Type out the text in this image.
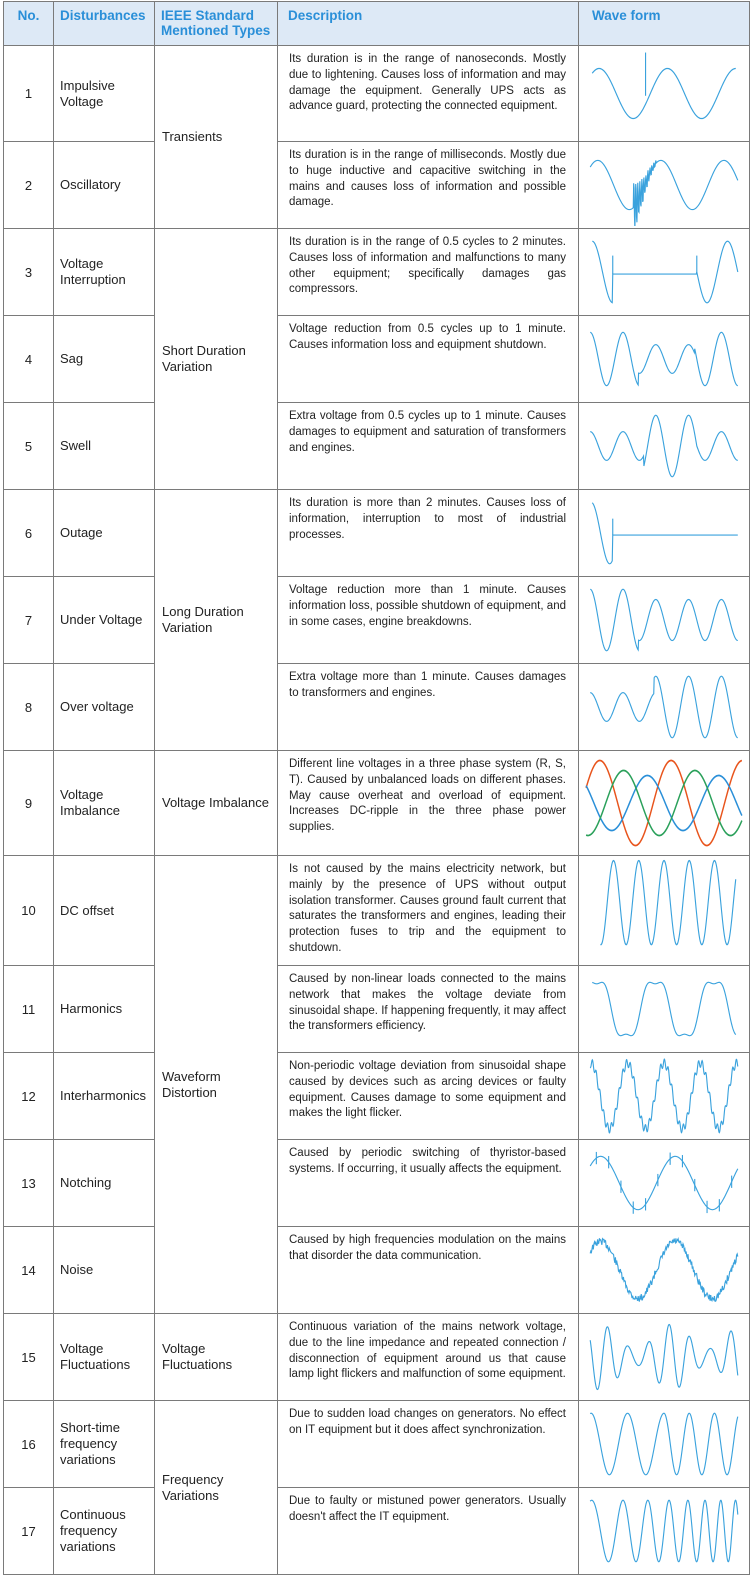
No.	Disturbances	IEEE Standard Mentioned Types	Description	Wave form
1	Impulsive Voltage	Transients	Its duration is in the range of nanoseconds. Mostly due to lightening. Causes loss of information and may damage the equipment. Generally UPS acts as advance guard, protecting the connected equipment.	

2	Oscillatory		Its duration is in the range of milliseconds. Mostly due to huge inductive and capacitive switching in the mains and causes loss of information and possible damage.	

3	Voltage Interruption	Short Duration Variation	Its duration is in the range of 0.5 cycles to 2 minutes. Causes loss of information and malfunctions to many other equipment; specifically damages gas compressors.	

4	Sag		Voltage reduction from 0.5 cycles up to 1 minute. Causes information loss and equipment shutdown.	

5	Swell		Extra voltage from 0.5 cycles up to 1 minute. Causes damages to equipment and saturation of transformers and engines.	

6	Outage	Long Duration Variation	Its duration is more than 2 minutes. Causes loss of information, interruption to most of industrial processes.	

7	Under Voltage		Voltage reduction more than 1 minute. Causes information loss, possible shutdown of equipment, and in some cases, engine breakdowns.	

8	Over voltage		Extra voltage more than 1 minute. Causes damages to transformers and engines.	

9	Voltage Imbalance	Voltage Imbalance	Different line voltages in a three phase system (R, S, T). Caused by unbalanced loads on different phases. May cause overheat and overload of equipment. Increases DC-ripple in the three phase power supplies.	

10	DC offset	Waveform Distortion	Is not caused by the mains electricity network, but mainly by the presence of UPS without output isolation transformer. Causes ground fault current that saturates the transformers and engines, leading their protection fuses to trip and the equipment to shutdown.	

11	Harmonics		Caused by non-linear loads connected to the mains network that makes the voltage deviate from sinusoidal shape. If happening frequently, it may affect the transformers efficiency.	

12	Interharmonics		Non-periodic voltage deviation from sinusoidal shape caused by devices such as arcing devices or faulty equipment. Causes damage to some equipment and makes the light flicker.	

13	Notching		Caused by periodic switching of thyristor-based systems. If occurring, it usually affects the equipment.	

14	Noise		Caused by high frequencies modulation on the mains that disorder the data communication.	

15	Voltage Fluctuations	Voltage Fluctuations	Continuous variation of the mains network voltage, due to the line impedance and repeated connection / disconnection of equipment around us that cause lamp light flickers and malfunction of some equipment.	

16	Short-time frequency variations	Frequency Variations	Due to sudden load changes on generators. No effect on IT equipment but it does affect synchronization.	

17	Continuous frequency variations		Due to faulty or mistuned power generators. Usually doesn't affect the IT equipment.	
